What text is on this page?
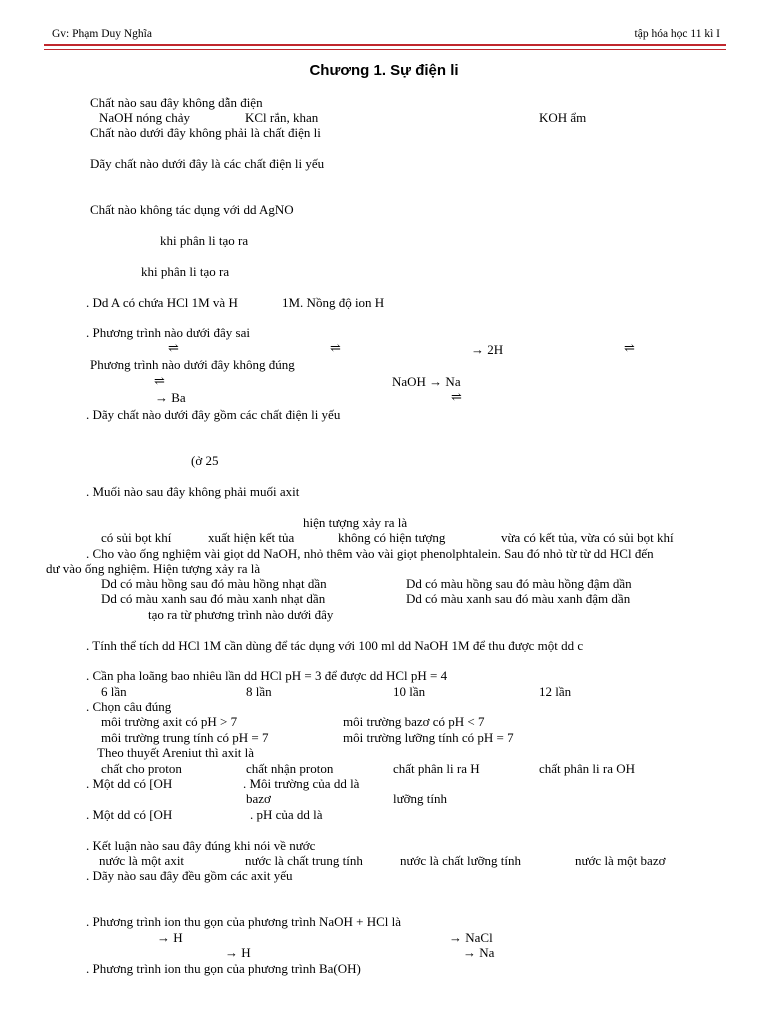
Gv: Phạm Duy Nghĩa	tập hóa học 11 kì I
Chương 1. Sự điện li
Chất nào sau đây không dẫn điện
NaOH nóng chảy	KCl rắn, khan	KOH ẩm
Chất nào dưới đây không phải là chất điện li
Dãy chất nào dưới đây là các chất điện li yếu
Chất nào không tác dụng với dd AgNO
khi phân li tạo ra
khi phân li tạo ra
. Dd A có chứa HCl 1M và H	1M. Nồng độ ion H
. Phương trình nào dưới đây sai
⇌	⇌	→ 2H	⇌
Phương trình nào dưới đây không đúng
⇌	NaOH → Na
→ Ba	⇌
. Dãy chất nào dưới đây gồm các chất điện li yếu
(ở 25
. Muối nào sau đây không phải muối axit
hiện tượng xảy ra là
có sủi bọt khí	xuất hiện kết tủa	không có hiện tượng	vừa có kết tủa, vừa có sủi bọt khí
. Cho vào ống nghiệm vài giọt dd NaOH, nhỏ thêm vào vài giọt phenolphtalein. Sau đó nhỏ từ từ dd HCl đến
dư vào ống nghiệm. Hiện tượng xảy ra là
Dd có màu hồng sau đó màu hồng nhạt dần	Dd có màu hồng sau đó màu hồng đậm dần
Dd có màu xanh sau đó màu xanh nhạt dần	Dd có màu xanh sau đó màu xanh đậm dần
tạo ra từ phương trình nào dưới đây
. Tính thể tích dd HCl 1M cần dùng để tác dụng với 100 ml dd NaOH 1M để thu được một dd c
. Cần pha loãng bao nhiêu lần dd HCl pH = 3 để được dd HCl pH = 4
6 lần	8 lần	10 lần	12 lần
. Chọn câu đúng
môi trường axit có pH > 7	môi trường bazơ có pH < 7
môi trường trung tính có pH = 7	môi trường lưỡng tính có pH = 7
Theo thuyết Areniut thì axit là
chất cho proton	chất nhận proton	chất phân li ra H	chất phân li ra OH
. Một dd có [OH	. Môi trường của dd là
bazơ	lưỡng tính
. Một dd có [OH	. pH của dd là
. Kết luận nào sau đây đúng khi nói về nước
nước là một axit	nước là chất trung tính	nước là chất lưỡng tính	nước là một bazơ
. Dãy nào sau đây đều gồm các axit yếu
. Phương trình ion thu gọn của phương trình NaOH + HCl là
→ H	→ NaCl
→ H	→ Na
. Phương trình ion thu gọn của phương trình Ba(OH)
